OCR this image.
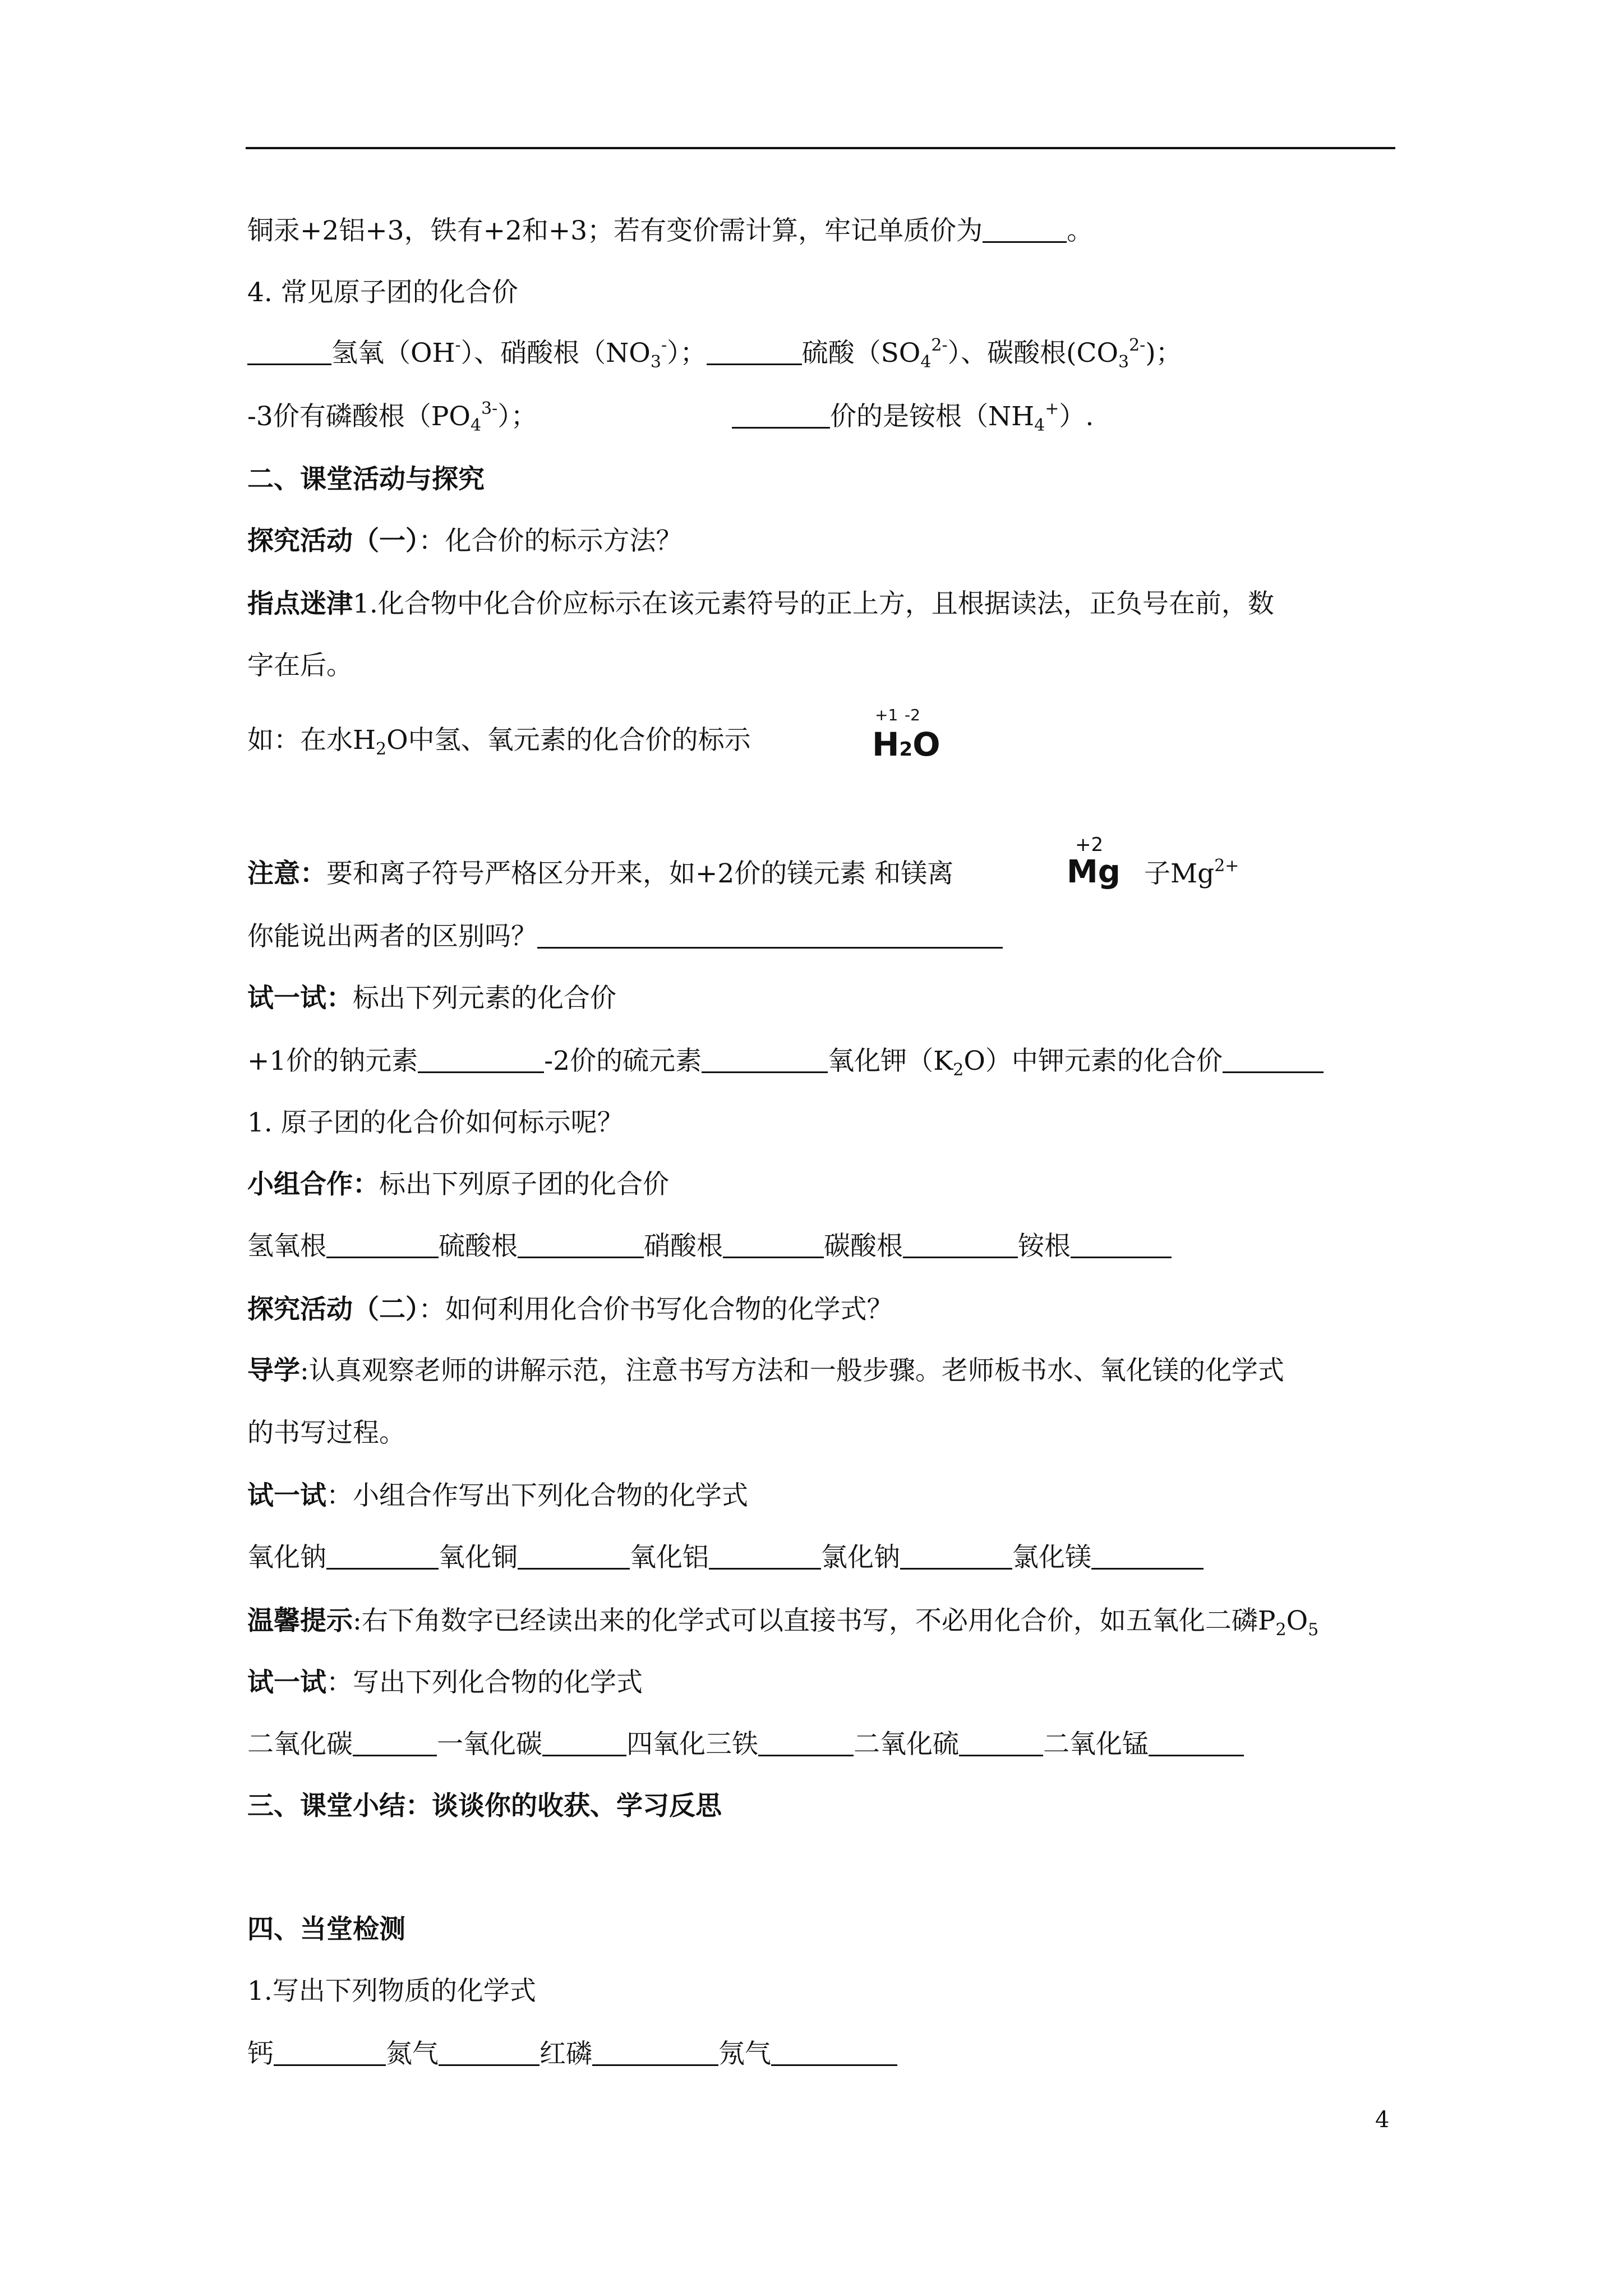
铜汞+2铝+3，铁有+2和+3；若有变价需计算，牢记单质价为	。
4. 常见原子团的化合价
氢氧（OH-）、硝酸根$(NO_3^-)$；	硫酸$(SO_4^{2-})$、碳酸根$(CO_3^{2-})$；
-3价有磷酸根$(PO_4^{3-})$；	价的是铵根$(NH_4^+)$.
二、课堂活动与探究
探究活动（一）：化合价的标示方法？
指点迷津1.化合物中化合价应标示在该元素符号的正上方，且根据读法，正负号在前，数
字在后。
如：在水$H_2O$中氢、氧元素的化合价的标示
+1 -2
H2O
注意：要和离子符号严格区分开来，如+2价的镁元素 和镁离
+2
Mg 子$Mg^{2+}$
你能说出两者的区别吗？
试一试：标出下列元素的化合价
+1价的钠元素	-2价的硫元素	氧化钾$(K_2O)$中钾元素的化合价
1. 原子团的化合价如何标示呢？
小组合作：标出下列原子团的化合价
氢氧根	硫酸根	硝酸根	碳酸根	铵根
探究活动（二）：如何利用化合价书写化合物的化学式？
导学:认真观察老师的讲解示范，注意书写方法和一般步骤。老师板书水、氧化镁的化学式
的书写过程。
试一试：小组合作写出下列化合物的化学式
氧化钠	氧化铜	氧化铝	氯化钠	氯化镁
温馨提示:右下角数字已经读出来的化学式可以直接书写，不必用化合价，如五氧化二磷$P_2O_5$
试一试：写出下列化合物的化学式
二氧化碳	一氧化碳	四氧化三铁	二氧化硫	二氧化锰
三、课堂小结：谈谈你的收获、学习反思
四、当堂检测
1.写出下列物质的化学式
钙	氮气	红磷	氖气
4
